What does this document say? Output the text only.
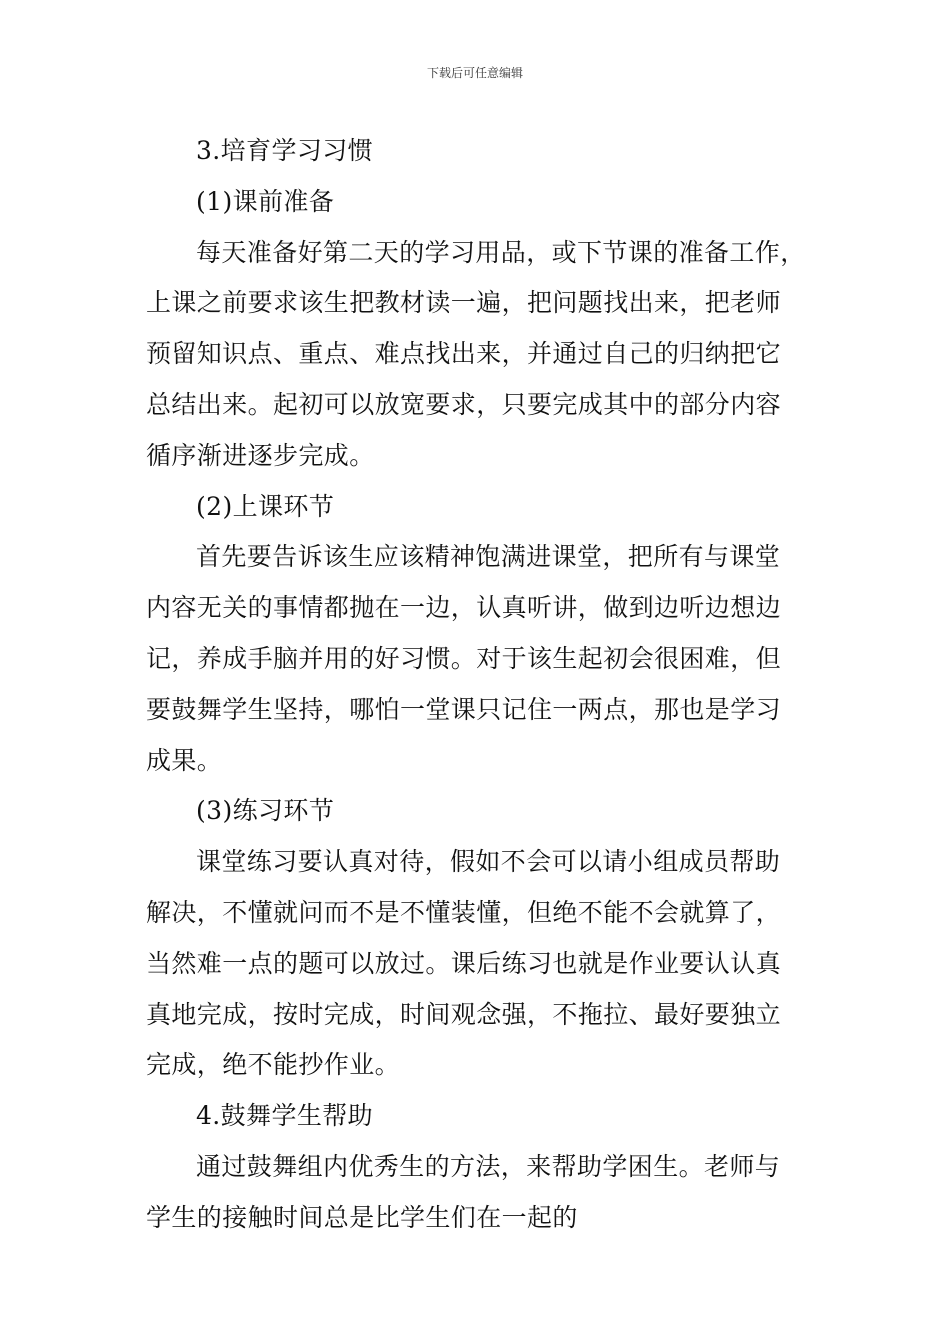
下载后可任意编辑
3.培育学习习惯
(1)课前准备
每天准备好第二天的学习用品，或下节课的准备工作，
上课之前要求该生把教材读一遍，把问题找出来，把老师
预留知识点、重点、难点找出来，并通过自己的归纳把它
总结出来。起初可以放宽要求，只要完成其中的部分内容
循序渐进逐步完成。
(2)上课环节
首先要告诉该生应该精神饱满进课堂，把所有与课堂
内容无关的事情都抛在一边，认真听讲，做到边听边想边
记，养成手脑并用的好习惯。对于该生起初会很困难，但
要鼓舞学生坚持，哪怕一堂课只记住一两点，那也是学习
成果。
(3)练习环节
课堂练习要认真对待，假如不会可以请小组成员帮助
解决，不懂就问而不是不懂装懂，但绝不能不会就算了，
当然难一点的题可以放过。课后练习也就是作业要认认真
真地完成，按时完成，时间观念强，不拖拉、最好要独立
完成，绝不能抄作业。
4.鼓舞学生帮助
通过鼓舞组内优秀生的方法，来帮助学困生。老师与
学生的接触时间总是比学生们在一起的
